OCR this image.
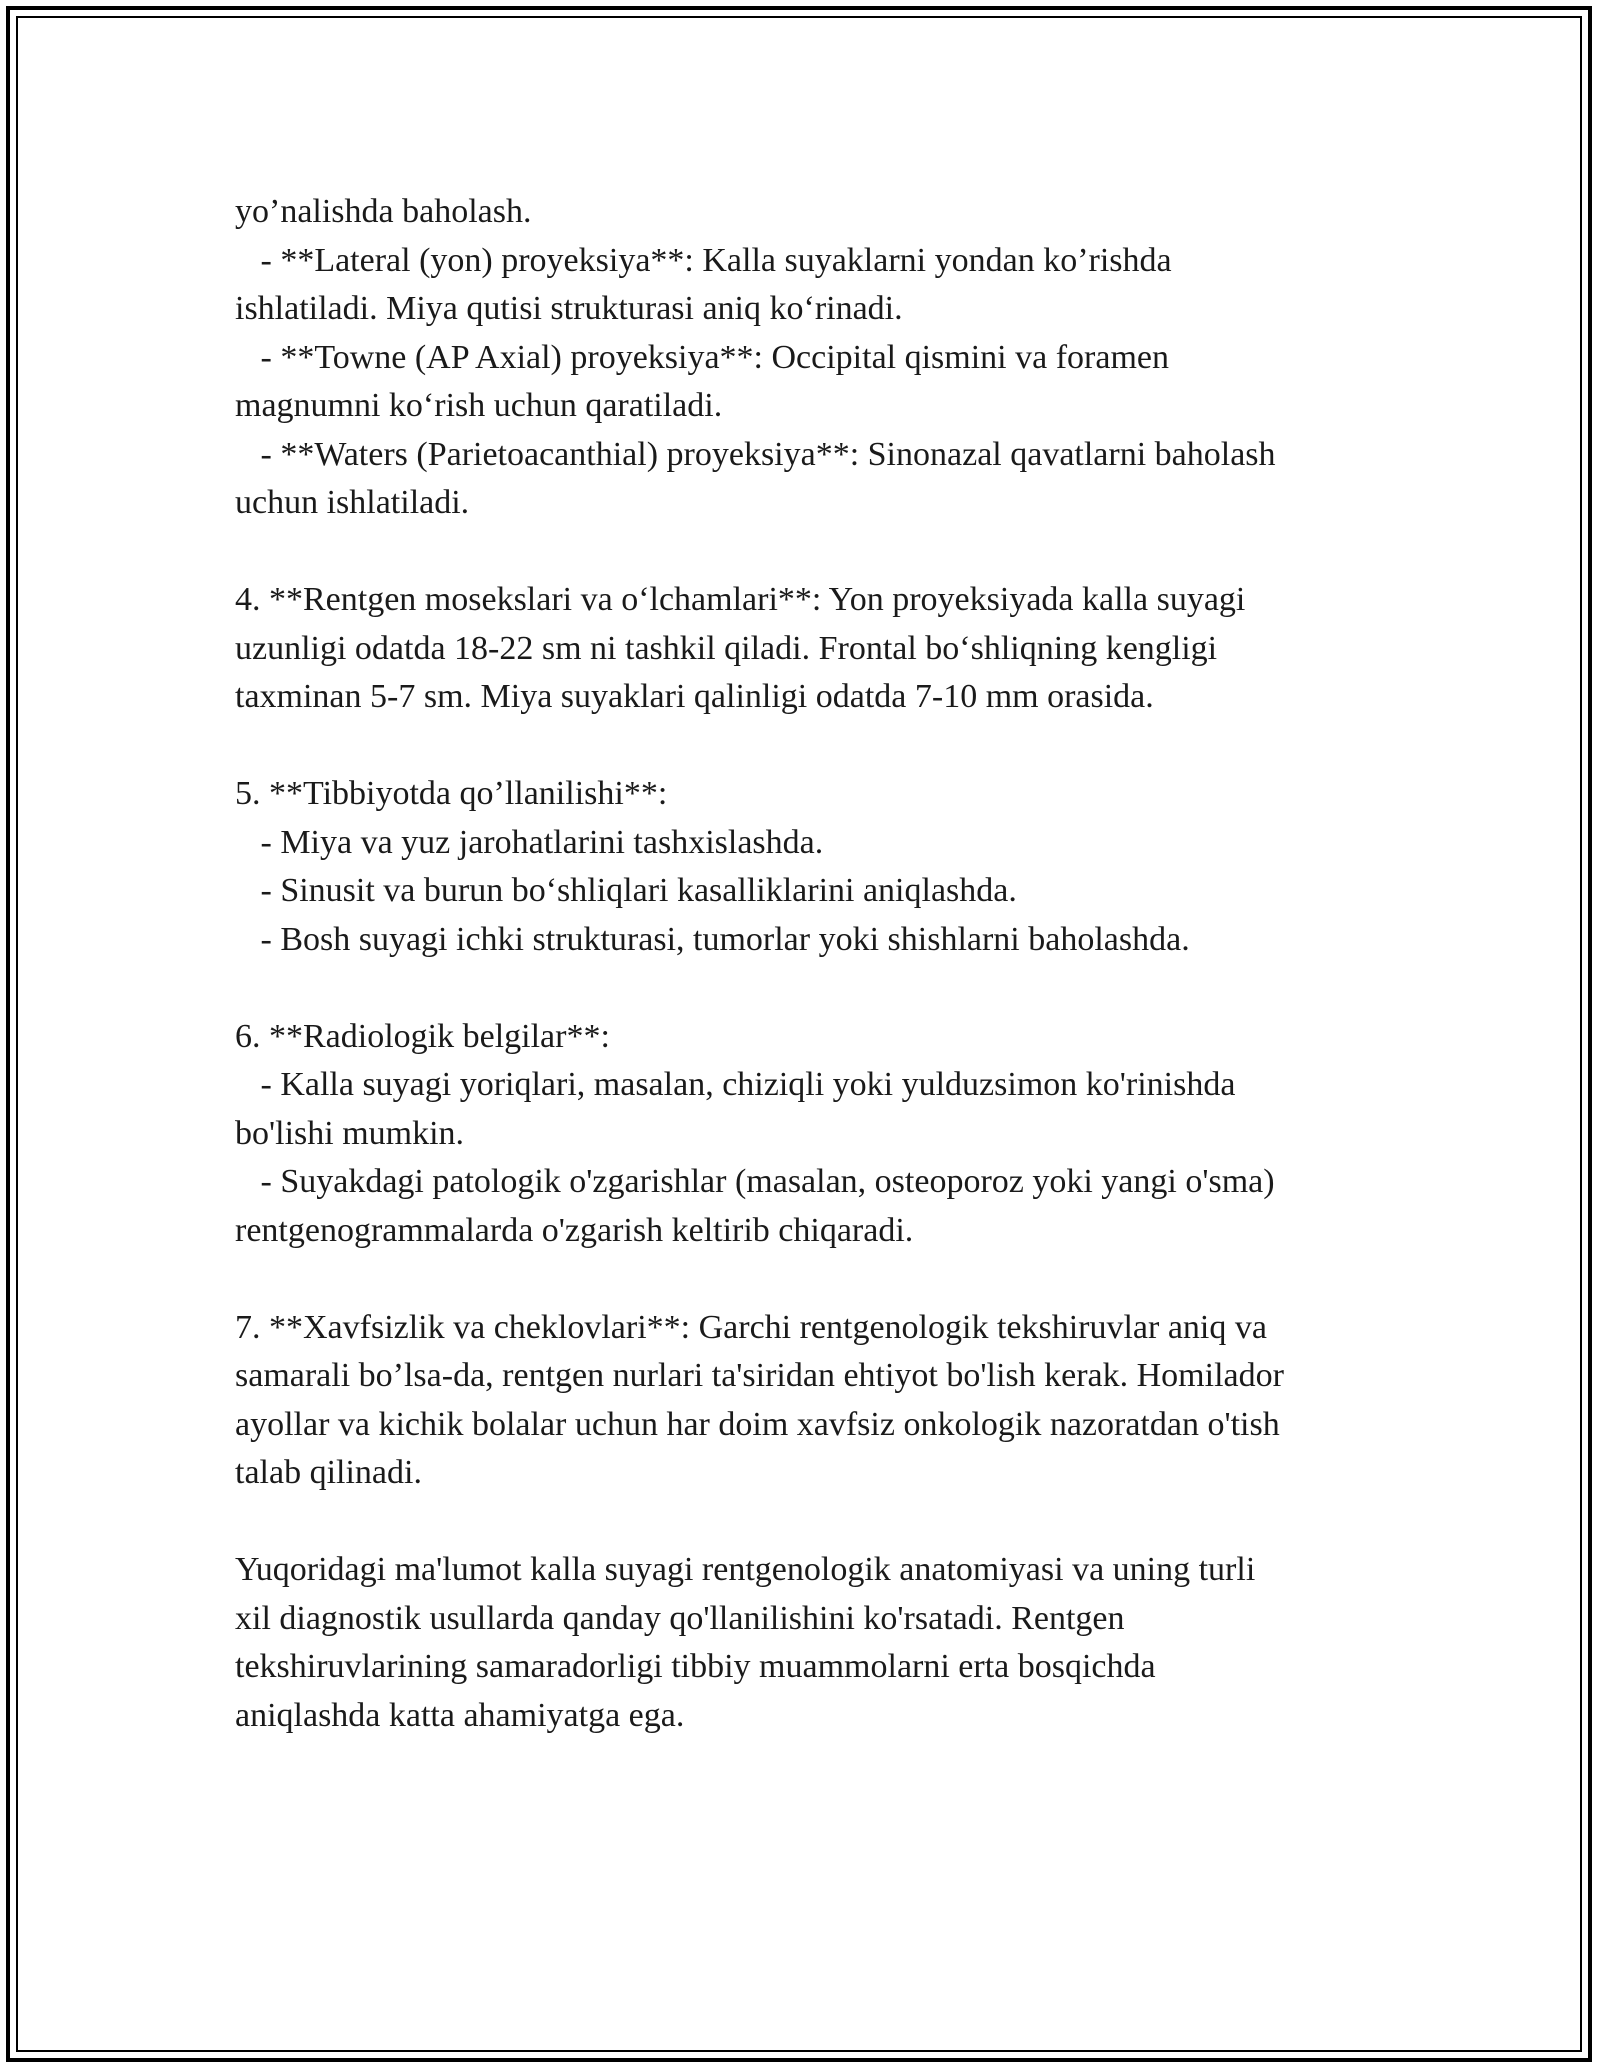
yo’nalishda baholash.
- **Lateral (yon) proyeksiya**: Kalla suyaklarni yondan ko’rishda
ishlatiladi. Miya qutisi strukturasi aniq koʻrinadi.
- **Towne (AP Axial) proyeksiya**: Occipital qismini va foramen
magnumni koʻrish uchun qaratiladi.
- **Waters (Parietoacanthial) proyeksiya**: Sinonazal qavatlarni baholash
uchun ishlatiladi.
4. **Rentgen mosekslari va oʻlchamlari**: Yon proyeksiyada kalla suyagi
uzunligi odatda 18-22 sm ni tashkil qiladi. Frontal boʻshliqning kengligi
taxminan 5-7 sm. Miya suyaklari qalinligi odatda 7-10 mm orasida.
5. **Tibbiyotda qo’llanilishi**:
- Miya va yuz jarohatlarini tashxislashda.
- Sinusit va burun boʻshliqlari kasalliklarini aniqlashda.
- Bosh suyagi ichki strukturasi, tumorlar yoki shishlarni baholashda.
6. **Radiologik belgilar**:
- Kalla suyagi yoriqlari, masalan, chiziqli yoki yulduzsimon ko'rinishda
bo'lishi mumkin.
- Suyakdagi patologik o'zgarishlar (masalan, osteoporoz yoki yangi o'sma)
rentgenogrammalarda o'zgarish keltirib chiqaradi.
7. **Xavfsizlik va cheklovlari**: Garchi rentgenologik tekshiruvlar aniq va
samarali bo’lsa-da, rentgen nurlari ta'siridan ehtiyot bo'lish kerak. Homilador
ayollar va kichik bolalar uchun har doim xavfsiz onkologik nazoratdan o'tish
talab qilinadi.
Yuqoridagi ma'lumot kalla suyagi rentgenologik anatomiyasi va uning turli
xil diagnostik usullarda qanday qo'llanilishini ko'rsatadi. Rentgen
tekshiruvlarining samaradorligi tibbiy muammolarni erta bosqichda
aniqlashda katta ahamiyatga ega.
